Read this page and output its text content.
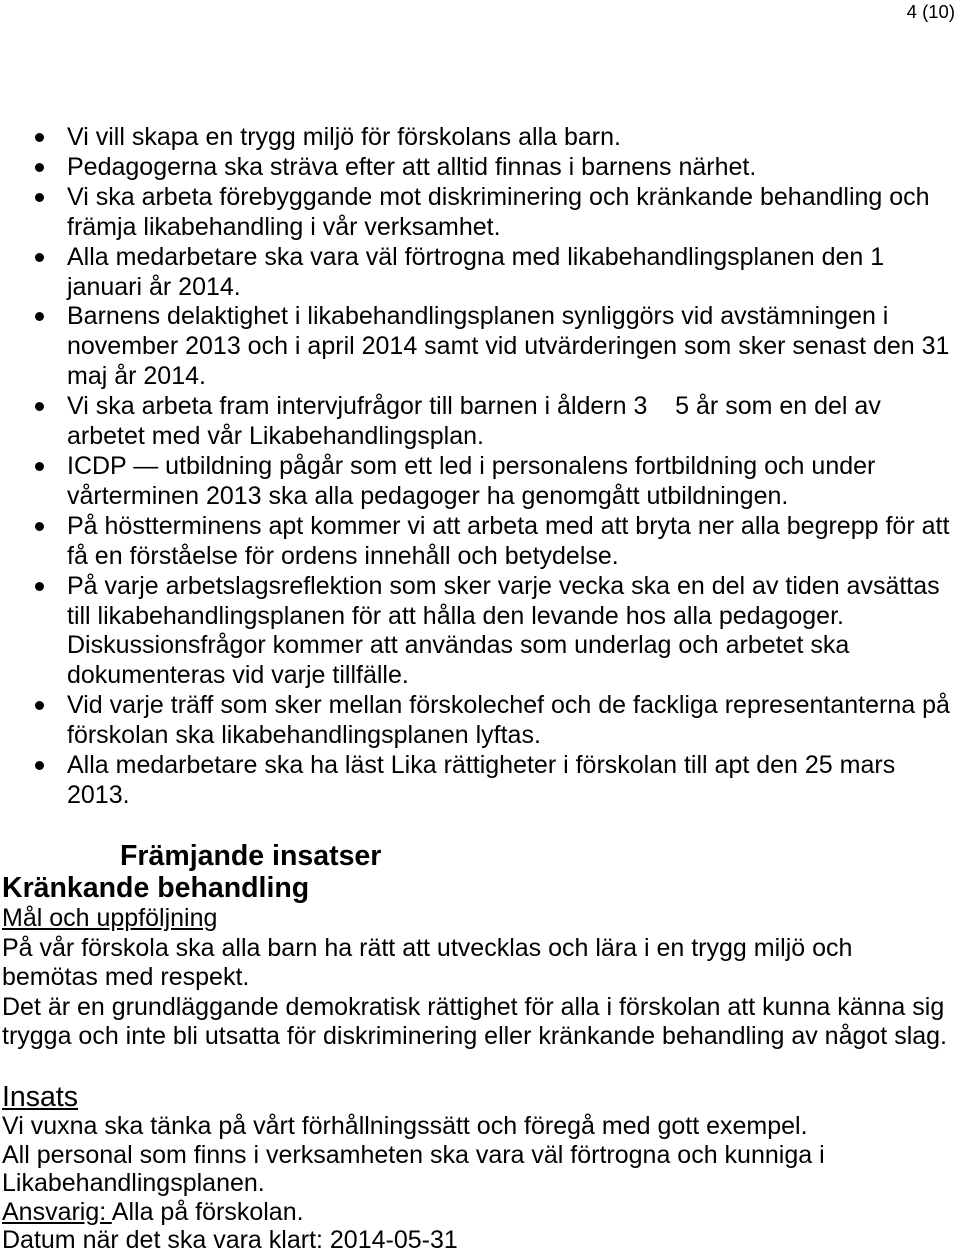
4 (10)
Vi vill skapa en trygg miljö för förskolans alla barn.
Pedagogerna ska sträva efter att alltid finnas i barnens närhet.
Vi ska arbeta förebyggande mot diskriminering och kränkande behandling och
främja likabehandling i vår verksamhet.
Alla medarbetare ska vara väl förtrogna med likabehandlingsplanen den 1
januari år 2014.
Barnens delaktighet i likabehandlingsplanen synliggörs vid avstämningen i
november 2013 och i april 2014 samt vid utvärderingen som sker senast den 31
maj år 2014.
Vi ska arbeta fram intervjufrågor till barnen i åldern 3    5 år som en del av
arbetet med vår Likabehandlingsplan.
ICDP — utbildning pågår som ett led i personalens fortbildning och under
vårterminen 2013 ska alla pedagoger ha genomgått utbildningen.
På höstterminens apt kommer vi att arbeta med att bryta ner alla begrepp för att
få en förståelse för ordens innehåll och betydelse.
På varje arbetslagsreflektion som sker varje vecka ska en del av tiden avsättas
till likabehandlingsplanen för att hålla den levande hos alla pedagoger.
Diskussionsfrågor kommer att användas som underlag och arbetet ska
dokumenteras vid varje tillfälle.
Vid varje träff som sker mellan förskolechef och de fackliga representanterna på
förskolan ska likabehandlingsplanen lyftas.
Alla medarbetare ska ha läst Lika rättigheter i förskolan till apt den 25 mars
2013.
Främjande insatser
Kränkande behandling
Mål och uppföljning

På vår förskola ska alla barn ha rätt att utvecklas och lära i en trygg miljö och
bemötas med respekt.

Det är en grundläggande demokratisk rättighet för alla i förskolan att kunna känna sig
trygga och inte bli utsatta för diskriminering eller kränkande behandling av något slag.

Insats

Vi vuxna ska tänka på vårt förhållningssätt och föregå med gott exempel.

All personal som finns i verksamheten ska vara väl förtrogna och kunniga i
Likabehandlingsplanen.

Ansvarig: Alla på förskolan.

Datum när det ska vara klart: 2014-05-31
